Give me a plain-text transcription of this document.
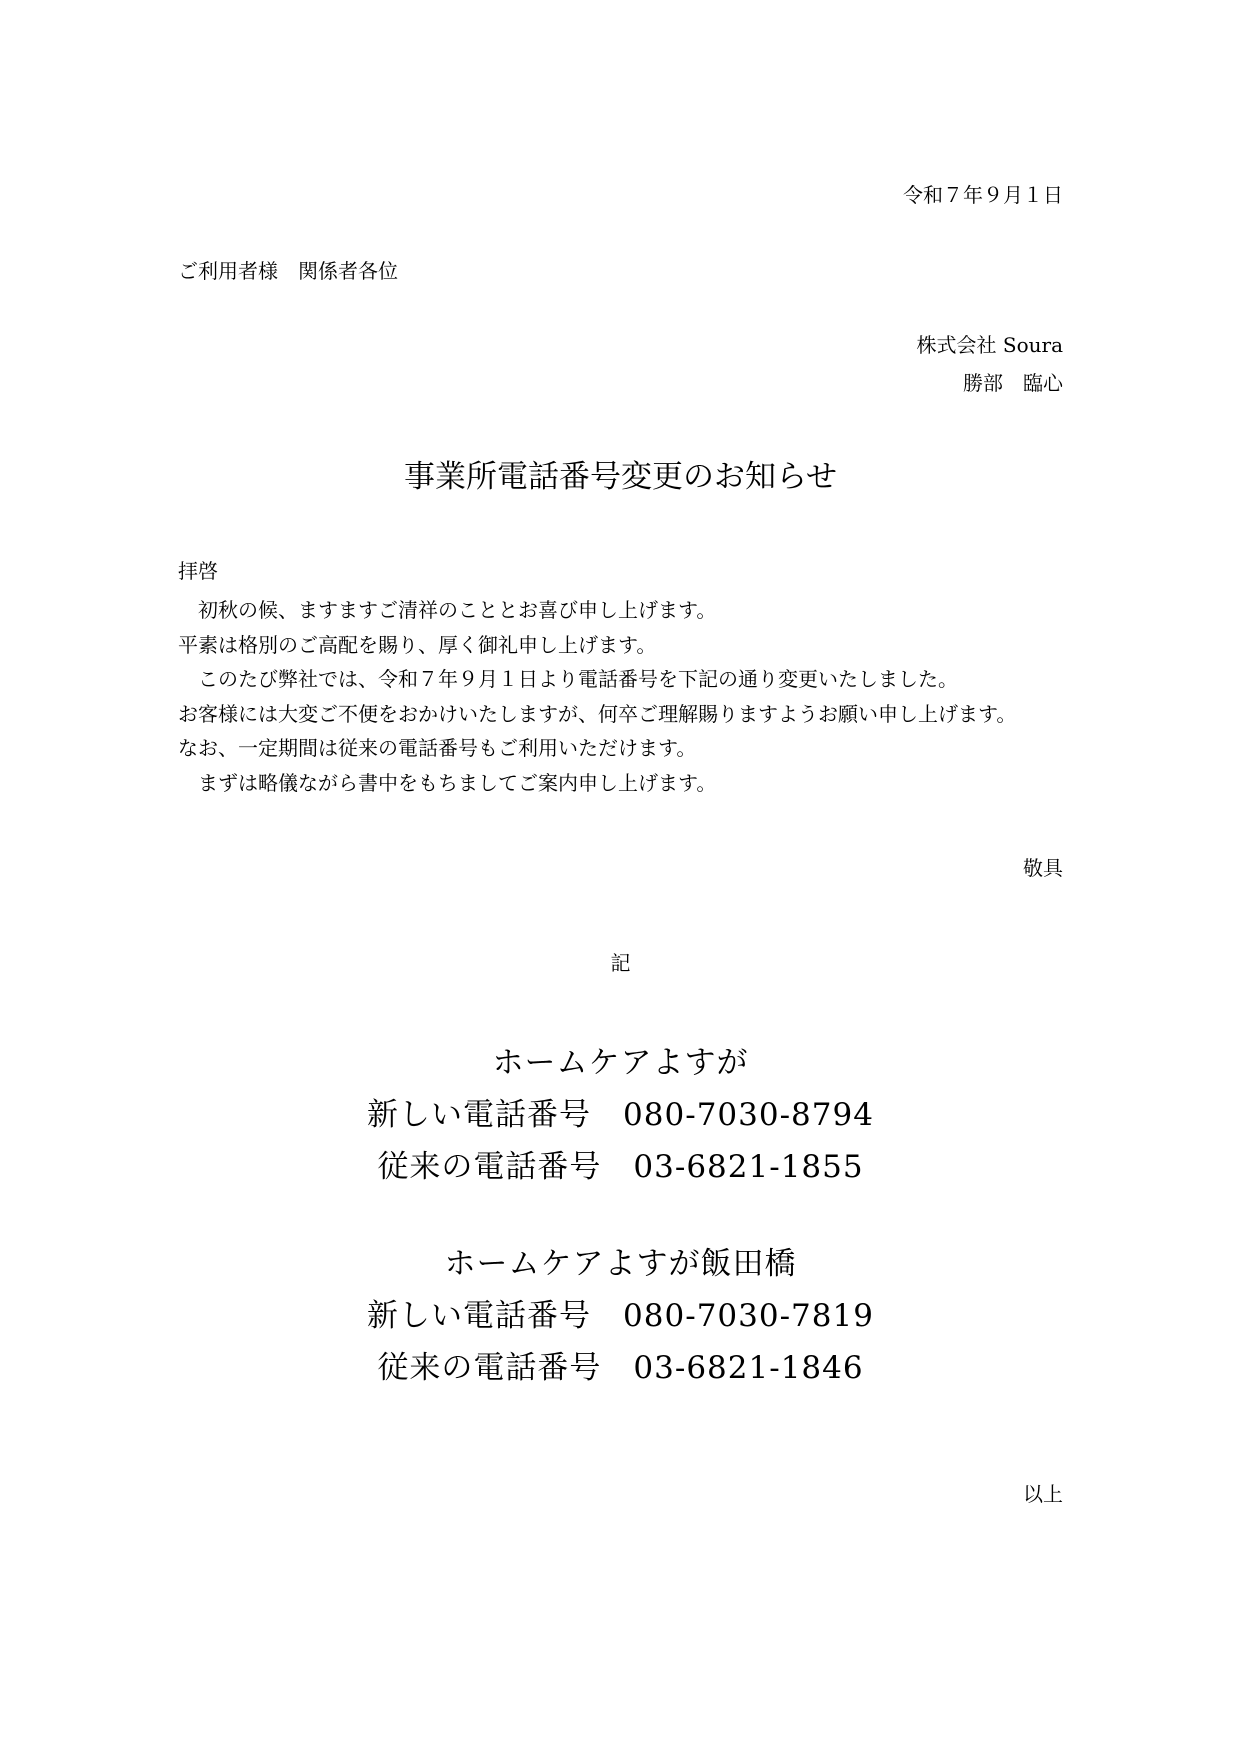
令和７年９月１日
ご利用者様　関係者各位
株式会社 Soura
勝部　臨心
事業所電話番号変更のお知らせ
拝啓

初秋の候、ますますご清祥のこととお喜び申し上げます。

平素は格別のご高配を賜り、厚く御礼申し上げます。

このたび弊社では、令和７年９月１日より電話番号を下記の通り変更いたしました。

お客様には大変ご不便をおかけいたしますが、何卒ご理解賜りますようお願い申し上げます。

なお、一定期間は従来の電話番号もご利用いただけます。

まずは略儀ながら書中をもちましてご案内申し上げます。

敬具
記
ホームケアよすが
新しい電話番号　 080-7030-8794
従来の電話番号　 03-6821-1855
ホームケアよすが飯田橋
新しい電話番号　 080-7030-7819
従来の電話番号　 03-6821-1846
以上
